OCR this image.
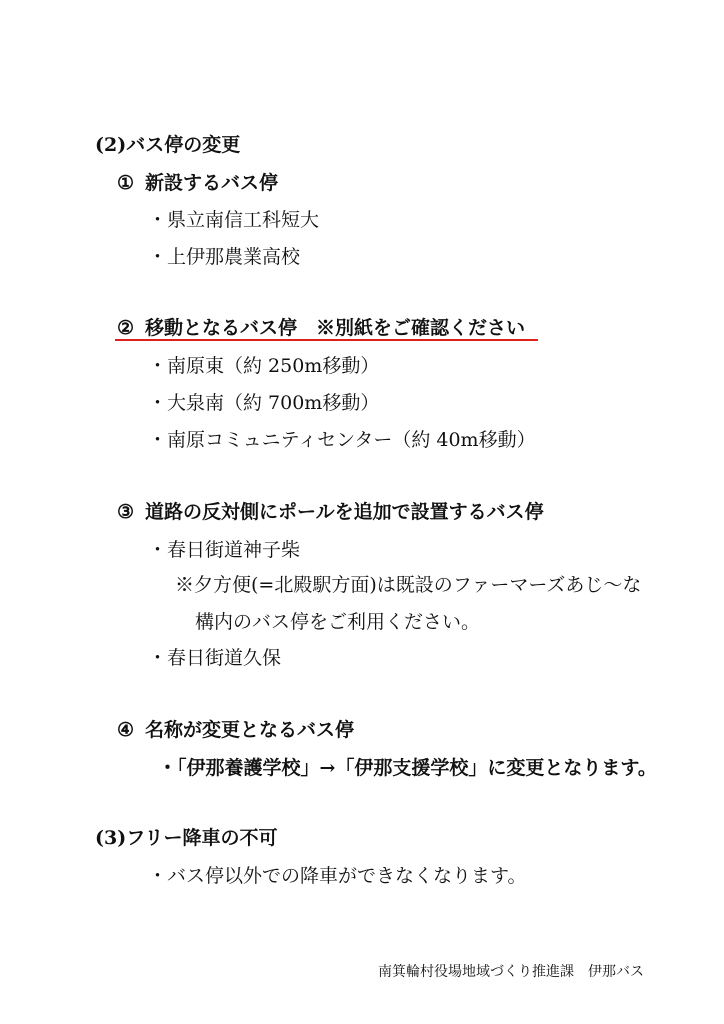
(2)バス停の変更
① 新設するバス停
・県立南信工科短大
・上伊那農業高校
② 移動となるバス停　※別紙をご確認ください
・南原東（約 250m移動）
・大泉南（約 700m移動）
・南原コミュニティセンター（約 40m移動）
③ 道路の反対側にポールを追加で設置するバス停
・春日街道神子柴
※夕方便(=北殿駅方面)は既設のファーマーズあじ～な
構内のバス停をご利用ください。
・春日街道久保
④ 名称が変更となるバス停
・「伊那養護学校」→「伊那支援学校」に変更となります。
(3)フリー降車の不可
・バス停以外での降車ができなくなります。
南箕輪村役場地域づくり推進課　伊那バス
